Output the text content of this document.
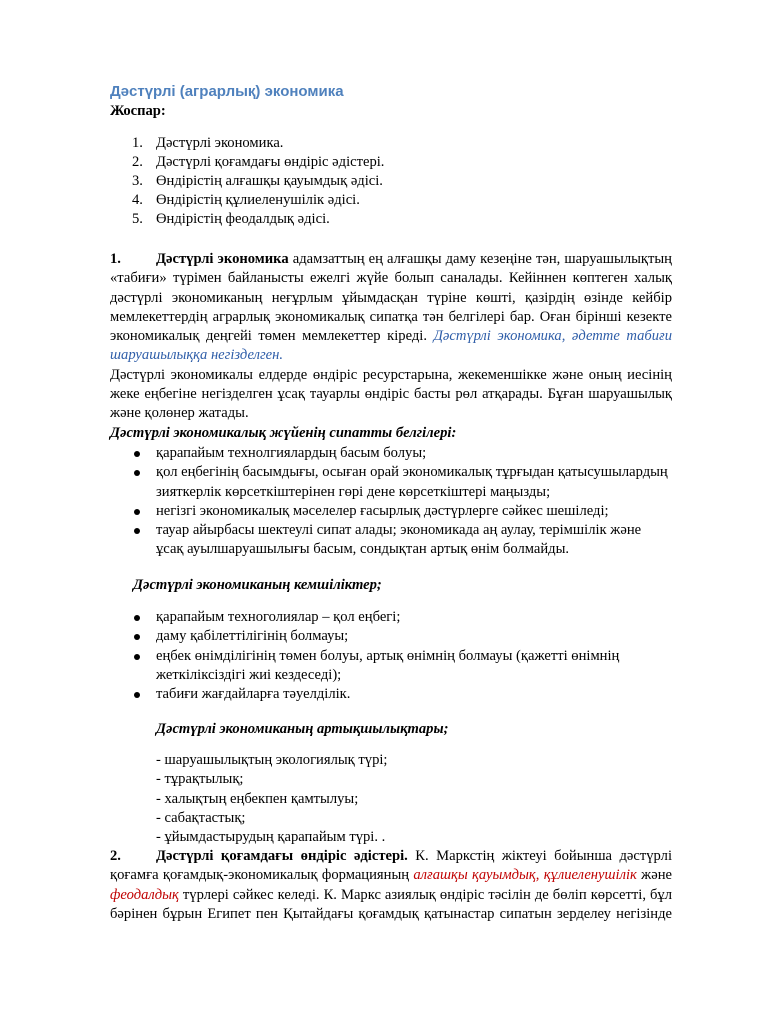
Дәстүрлі (аграрлық) экономика
Жоспар:
1. Дәстүрлі экономика.
2. Дәстүрлі қоғамдағы өндіріс әдістері.
3. Өндірістің алғашқы қауымдық әдісі.
4. Өндірістің құлиеленушілік әдісі.
5. Өндірістің феодалдық әдісі.
1. Дәстүрлі экономика адамзаттың ең алғашқы даму кезеңіне тән, шаруашылықтың
«табиғи» түрімен байланысты ежелгі жүйе болып саналады. Кейіннен көптеген халық
дәстүрлі экономиканың неғұрлым ұйымдасқан түріне көшті, қазірдің өзінде кейбір
мемлекеттердің аграрлық экономикалық сипатқа тән белгілері бар. Оған бірінші кезекте
экономикалық деңгейі төмен мемлекеттер кіреді. Дәстүрлі экономика, әдетте табиғи
шаруашылыққа негізделген.
Дәстүрлі экономикалы елдерде өндіріс ресурстарына, жекеменшікке және оның иесінің
жеке еңбегіне негізделген ұсақ тауарлы өндіріс басты рөл атқарады. Бұған шаруашылық
және қолөнер жатады.
Дәстүрлі экономикалық жүйенің сипатты белгілері:
қарапайым технолгиялардың басым болуы;
қол еңбегінің басымдығы, осыған орай экономикалық тұрғыдан қатысушылардың
зияткерлік көрсеткіштерінен гөрі дене көрсеткіштері маңызды;
негізгі экономикалық мәселелер ғасырлық дәстүрлерге сәйкес шешіледі;
тауар айырбасы шектеулі сипат алады; экономикада аң аулау, терімшілік және
ұсақ ауылшаруашылығы басым, сондықтан артық өнім болмайды.
Дәстүрлі экономиканың кемшіліктер;
қарапайым техноголиялар – қол еңбегі;
даму қабілеттілігінің болмауы;
еңбек өнімділігінің төмен болуы, артық өнімнің болмауы (қажетті өнімнің
жеткіліксіздігі жиі кездеседі);
табиғи жағдайларға тәуелділік.
Дәстүрлі экономиканың артықшылықтары;
- шаруашылықтың экологиялық түрі;
- тұрақтылық;
- халықтың еңбекпен қамтылуы;
- сабақтастық;
- ұйымдастырудың қарапайым түрі. .
2. Дәстүрлі қоғамдағы өндіріс әдістері. К. Маркстің жіктеуі бойынша дәстүрлі
қоғамға қоғамдық-экономикалық формацияның алғашқы қауымдық, құлиеленушілік және
феодалдық түрлері сәйкес келеді. К. Маркс азиялық өндіріс тәсілін де бөліп көрсетті, бұл
бәрінен бұрын Египет пен Қытайдағы қоғамдық қатынастар сипатын зерделеу негізінде
